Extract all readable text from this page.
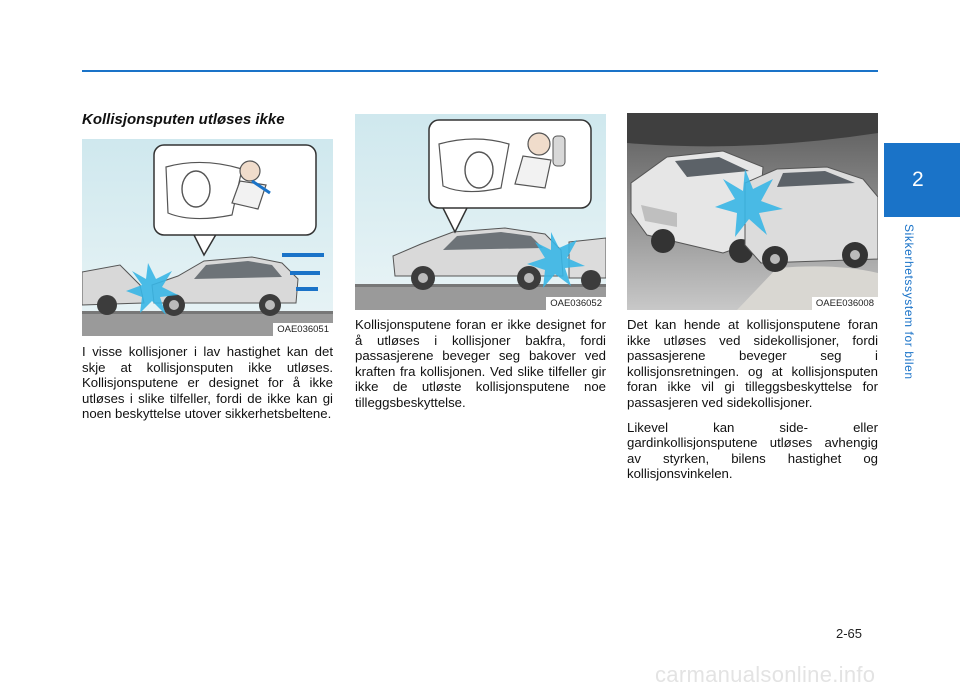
Kollisjonsputen utløses ikke
OAE036051
OAE036052	OAEE036008

I visse kollisjoner i lav hastighet kan det skje at kollisjonsputen ikke utløses. Kollisjonsputene er designet for å ikke utløses i slike tilfeller, fordi de ikke kan gi noen beskyttelse utover sikkerhetsbeltene.

Kollisjonsputene foran er ikke designet for å utløses i kollisjoner bakfra, fordi passasjerene beveger seg bakover ved kraften fra kollisjonen. Ved slike tilfeller gir ikke de utløste kollisjonsputene noe tilleggsbeskyttelse.

Det kan hende at kollisjonsputene foran ikke utløses ved sidekollisjoner, fordi passasjerene beveger seg i kollisjonsretningen. og at kollisjonsputen foran ikke vil gi tilleggsbeskyttelse for passasjeren ved sidekollisjoner.

Likevel kan side- eller gardinkollisjonsputene utløses avhengig av styrken, bilens hastighet og kollisjonsvinkelen.

2
Sikkerhetssystem for bilen
2-65
carmanualsonline.info
